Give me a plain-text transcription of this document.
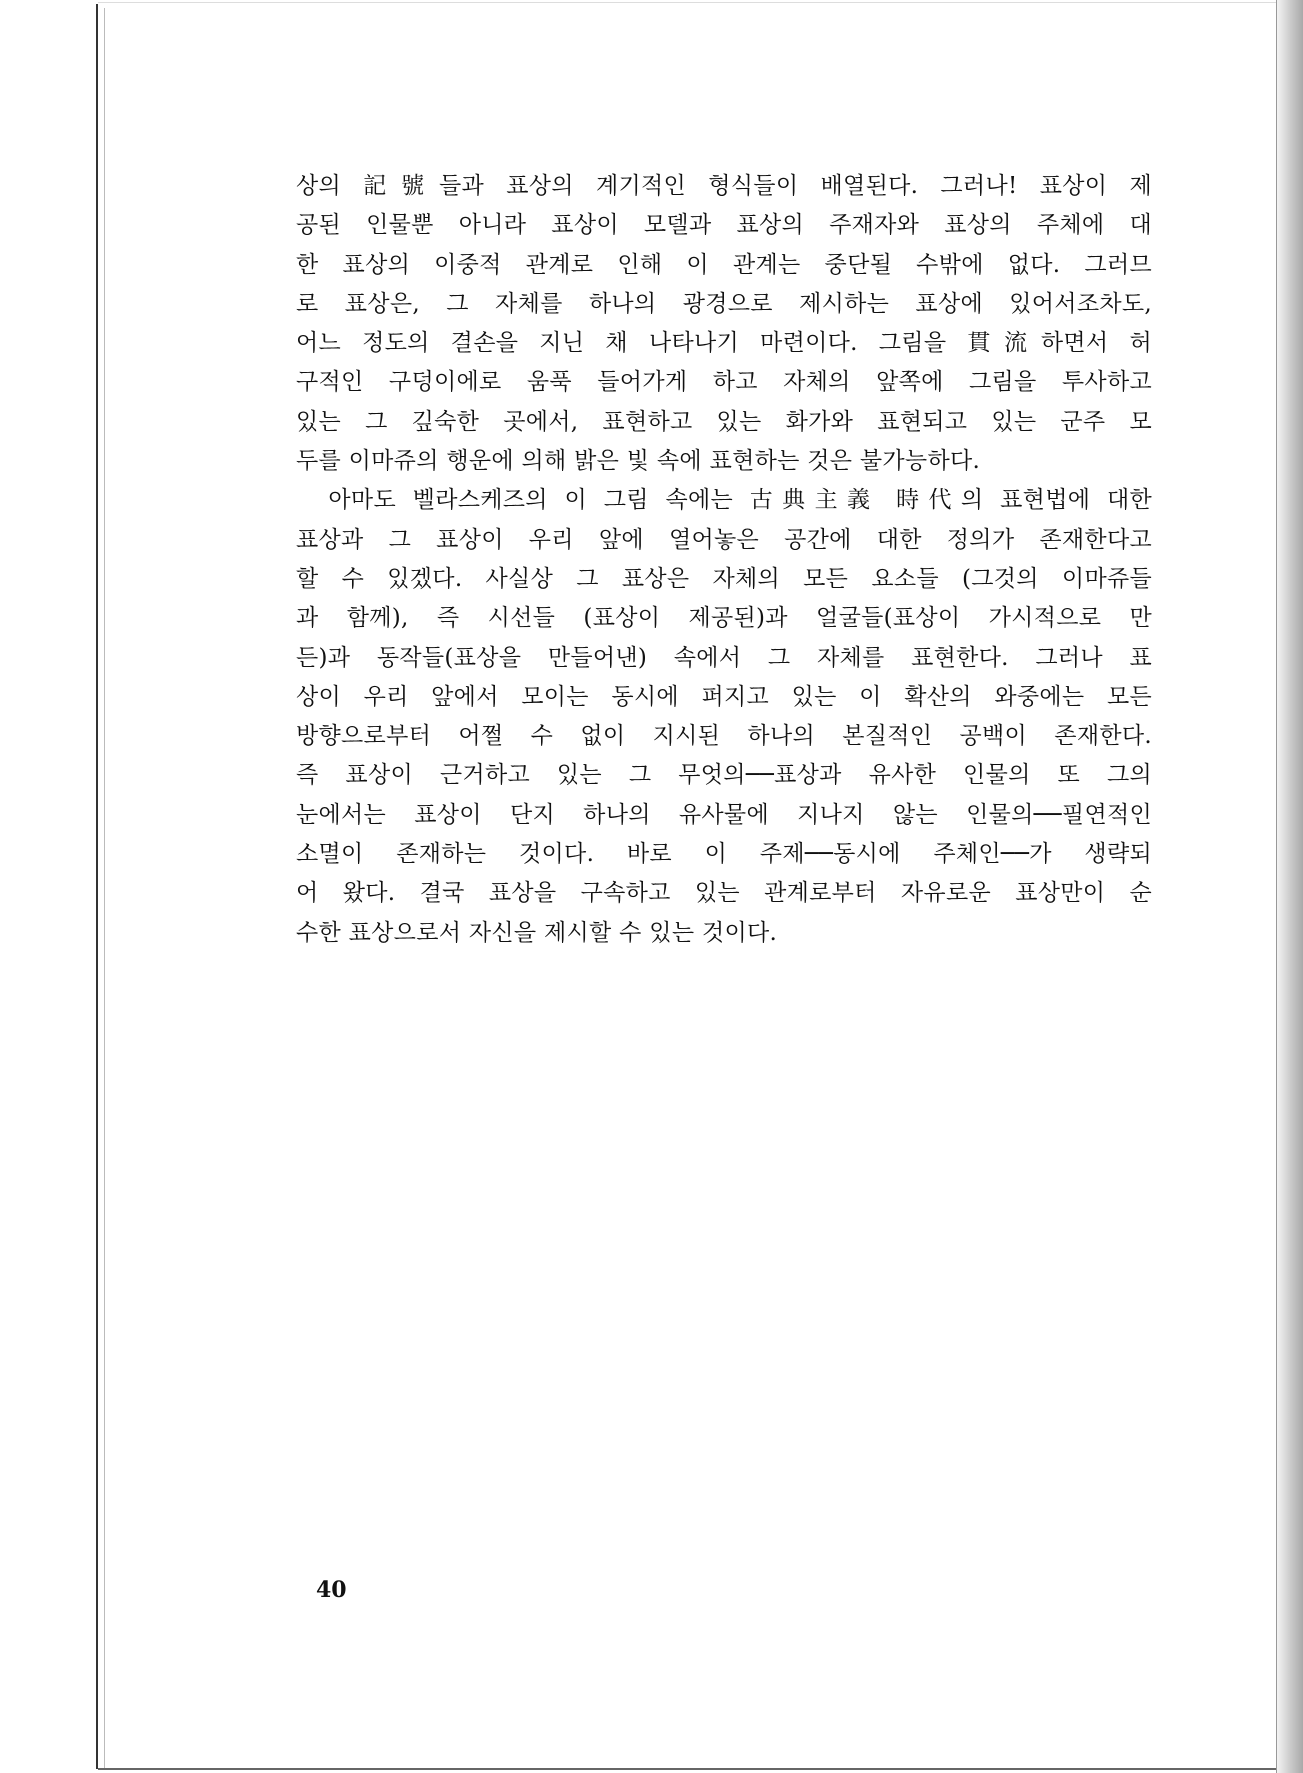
상의 記號들과 표상의 계기적인 형식들이 배열된다. 그러나! 표상이 제
공된 인물뿐 아니라 표상이 모델과 표상의 주재자와 표상의 주체에 대
한 표상의 이중적 관계로 인해 이 관계는 중단될 수밖에 없다. 그러므
로 표상은, 그 자체를 하나의 광경으로 제시하는 표상에 있어서조차도,
어느 정도의 결손을 지닌 채 나타나기 마련이다. 그림을 貫流하면서 허
구적인 구덩이에로 움푹 들어가게 하고 자체의 앞쪽에 그림을 투사하고
있는 그 깊숙한 곳에서, 표현하고 있는 화가와 표현되고 있는 군주 모
두를 이마쥬의 행운에 의해 밝은 빛 속에 표현하는 것은 불가능하다.
　아마도 벨라스케즈의 이 그림 속에는 古典主義 時代의 표현법에 대한
표상과 그 표상이 우리 앞에 열어놓은 공간에 대한 정의가 존재한다고
할 수 있겠다. 사실상 그 표상은 자체의 모든 요소들 (그것의 이마쥬들
과 함께), 즉 시선들 (표상이 제공된)과 얼굴들(표상이 가시적으로 만
든)과 동작들(표상을 만들어낸) 속에서 그 자체를 표현한다. 그러나 표
상이 우리 앞에서 모이는 동시에 퍼지고 있는 이 확산의 와중에는 모든
방향으로부터 어쩔 수 없이 지시된 하나의 본질적인 공백이 존재한다.
즉 표상이 근거하고 있는 그 무엇의──표상과 유사한 인물의 또 그의
눈에서는 표상이 단지 하나의 유사물에 지나지 않는 인물의──필연적인
소멸이 존재하는 것이다. 바로 이 주제──동시에 주체인──가 생략되
어 왔다. 결국 표상을 구속하고 있는 관계로부터 자유로운 표상만이 순
수한 표상으로서 자신을 제시할 수 있는 것이다.
40
